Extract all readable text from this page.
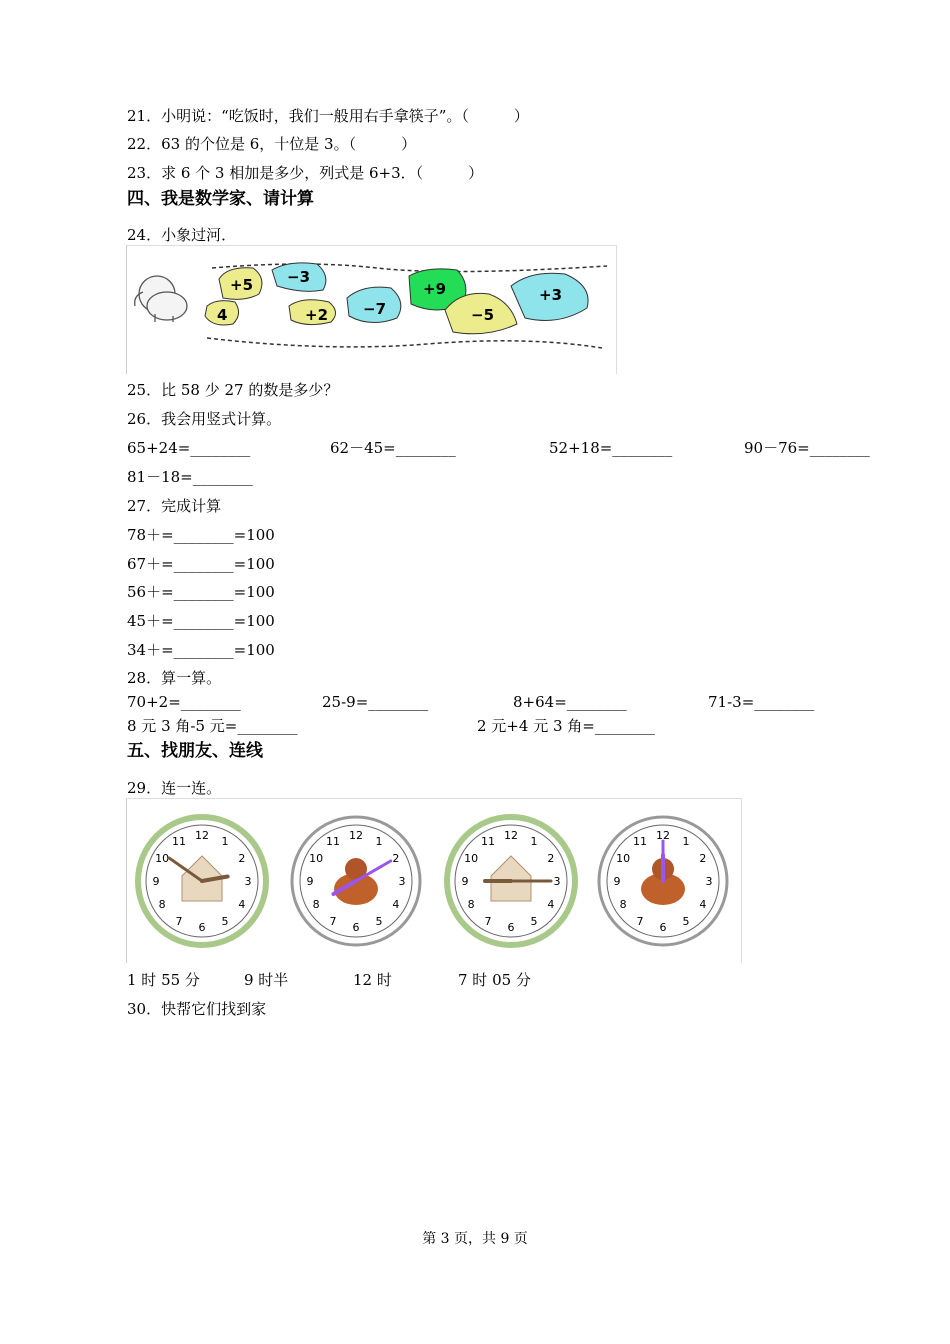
21．小明说：“吃饭时，我们一般用右手拿筷子”。（　　　）
22．63 的个位是 6，十位是 3。（　　　）
23．求 6 个 3 相加是多少，列式是 6+3．（　　　）
四、我是数学家、请计算
24．小象过河．
+5 −3
4	+2 −7
+9
−5
+3
25．比 58 少 27 的数是多少？
26．我会用竖式计算。
65+24=________	62－45=________	52+18=________	90－76=________
81－18=________
27．完成计算
78＋=________=100
67＋=________=100
56＋=________=100
45＋=________=100
34＋=________=100
28．算一算。
70+2=________	25-9=________	8+64=________	71-3=________
8 元 3 角-5 元=________	2 元+4 元 3 角=________
五、找朋友、连线
29．连一连。
12 1
2
3
4
5
6
7
8
9
10
11	12 1
2
3
4
5
6
7
8
9
10
11	12 1
2
3
4
5
6
7
8
9
10
11	12 1
2
3
4
5
6
7
8
9
10
11
1 时 55 分	9 时半	12 时	7 时 05 分
30．快帮它们找到家
第 3 页，共 9 页
